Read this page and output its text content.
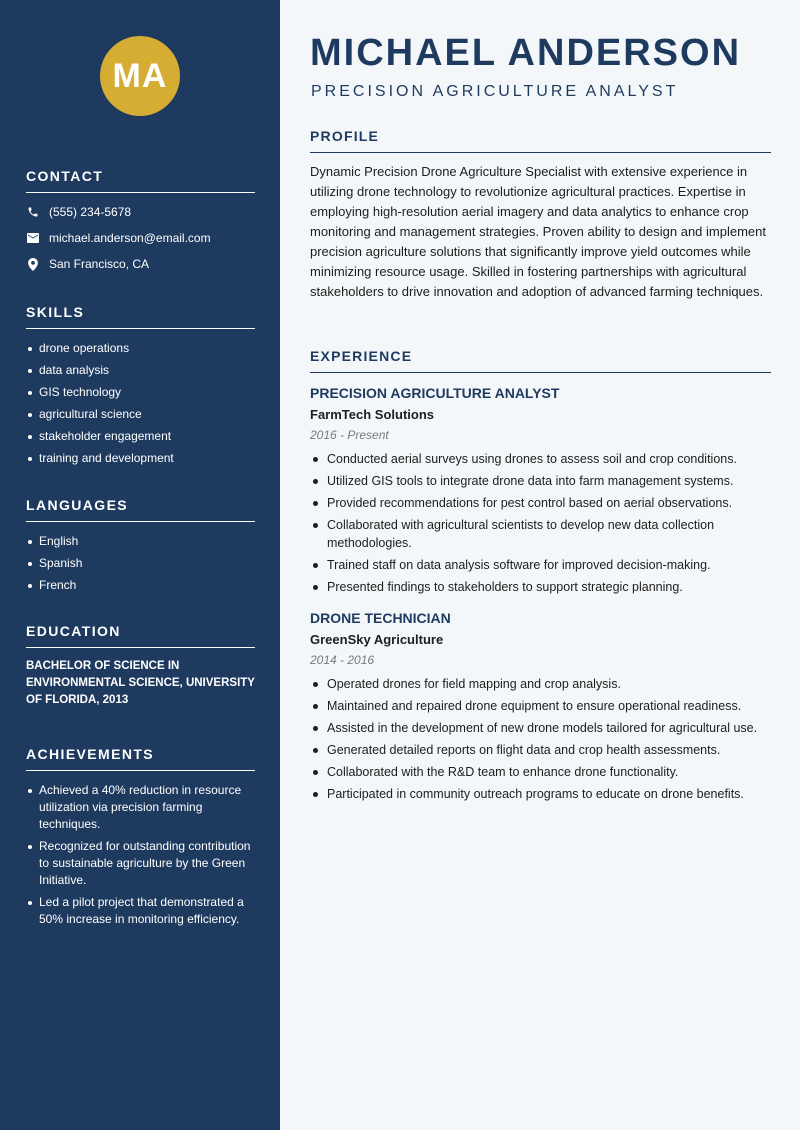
MA
CONTACT
(555) 234-5678
michael.anderson@email.com
San Francisco, CA
SKILLS
drone operations
data analysis
GIS technology
agricultural science
stakeholder engagement
training and development
LANGUAGES
English
Spanish
French
EDUCATION

BACHELOR OF SCIENCE IN ENVIRONMENTAL SCIENCE, UNIVERSITY OF FLORIDA, 2013

ACHIEVEMENTS
Achieved a 40% reduction in resource utilization via precision farming techniques.
Recognized for outstanding contribution to sustainable agriculture by the Green Initiative.
Led a pilot project that demonstrated a 50% increase in monitoring efficiency.
MICHAEL ANDERSON
PRECISION AGRICULTURE ANALYST
PROFILE

Dynamic Precision Drone Agriculture Specialist with extensive experience in utilizing drone technology to revolutionize agricultural practices. Expertise in employing high-resolution aerial imagery and data analytics to enhance crop monitoring and management strategies. Proven ability to design and implement precision agriculture solutions that significantly improve yield outcomes while minimizing resource usage. Skilled in fostering partnerships with agricultural stakeholders to drive innovation and adoption of advanced farming techniques.

EXPERIENCE
PRECISION AGRICULTURE ANALYST
FarmTech Solutions
2016 - Present
Conducted aerial surveys using drones to assess soil and crop conditions.
Utilized GIS tools to integrate drone data into farm management systems.
Provided recommendations for pest control based on aerial observations.
Collaborated with agricultural scientists to develop new data collection methodologies.
Trained staff on data analysis software for improved decision-making.
Presented findings to stakeholders to support strategic planning.
DRONE TECHNICIAN
GreenSky Agriculture
2014 - 2016
Operated drones for field mapping and crop analysis.
Maintained and repaired drone equipment to ensure operational readiness.
Assisted in the development of new drone models tailored for agricultural use.
Generated detailed reports on flight data and crop health assessments.
Collaborated with the R&D team to enhance drone functionality.
Participated in community outreach programs to educate on drone benefits.
